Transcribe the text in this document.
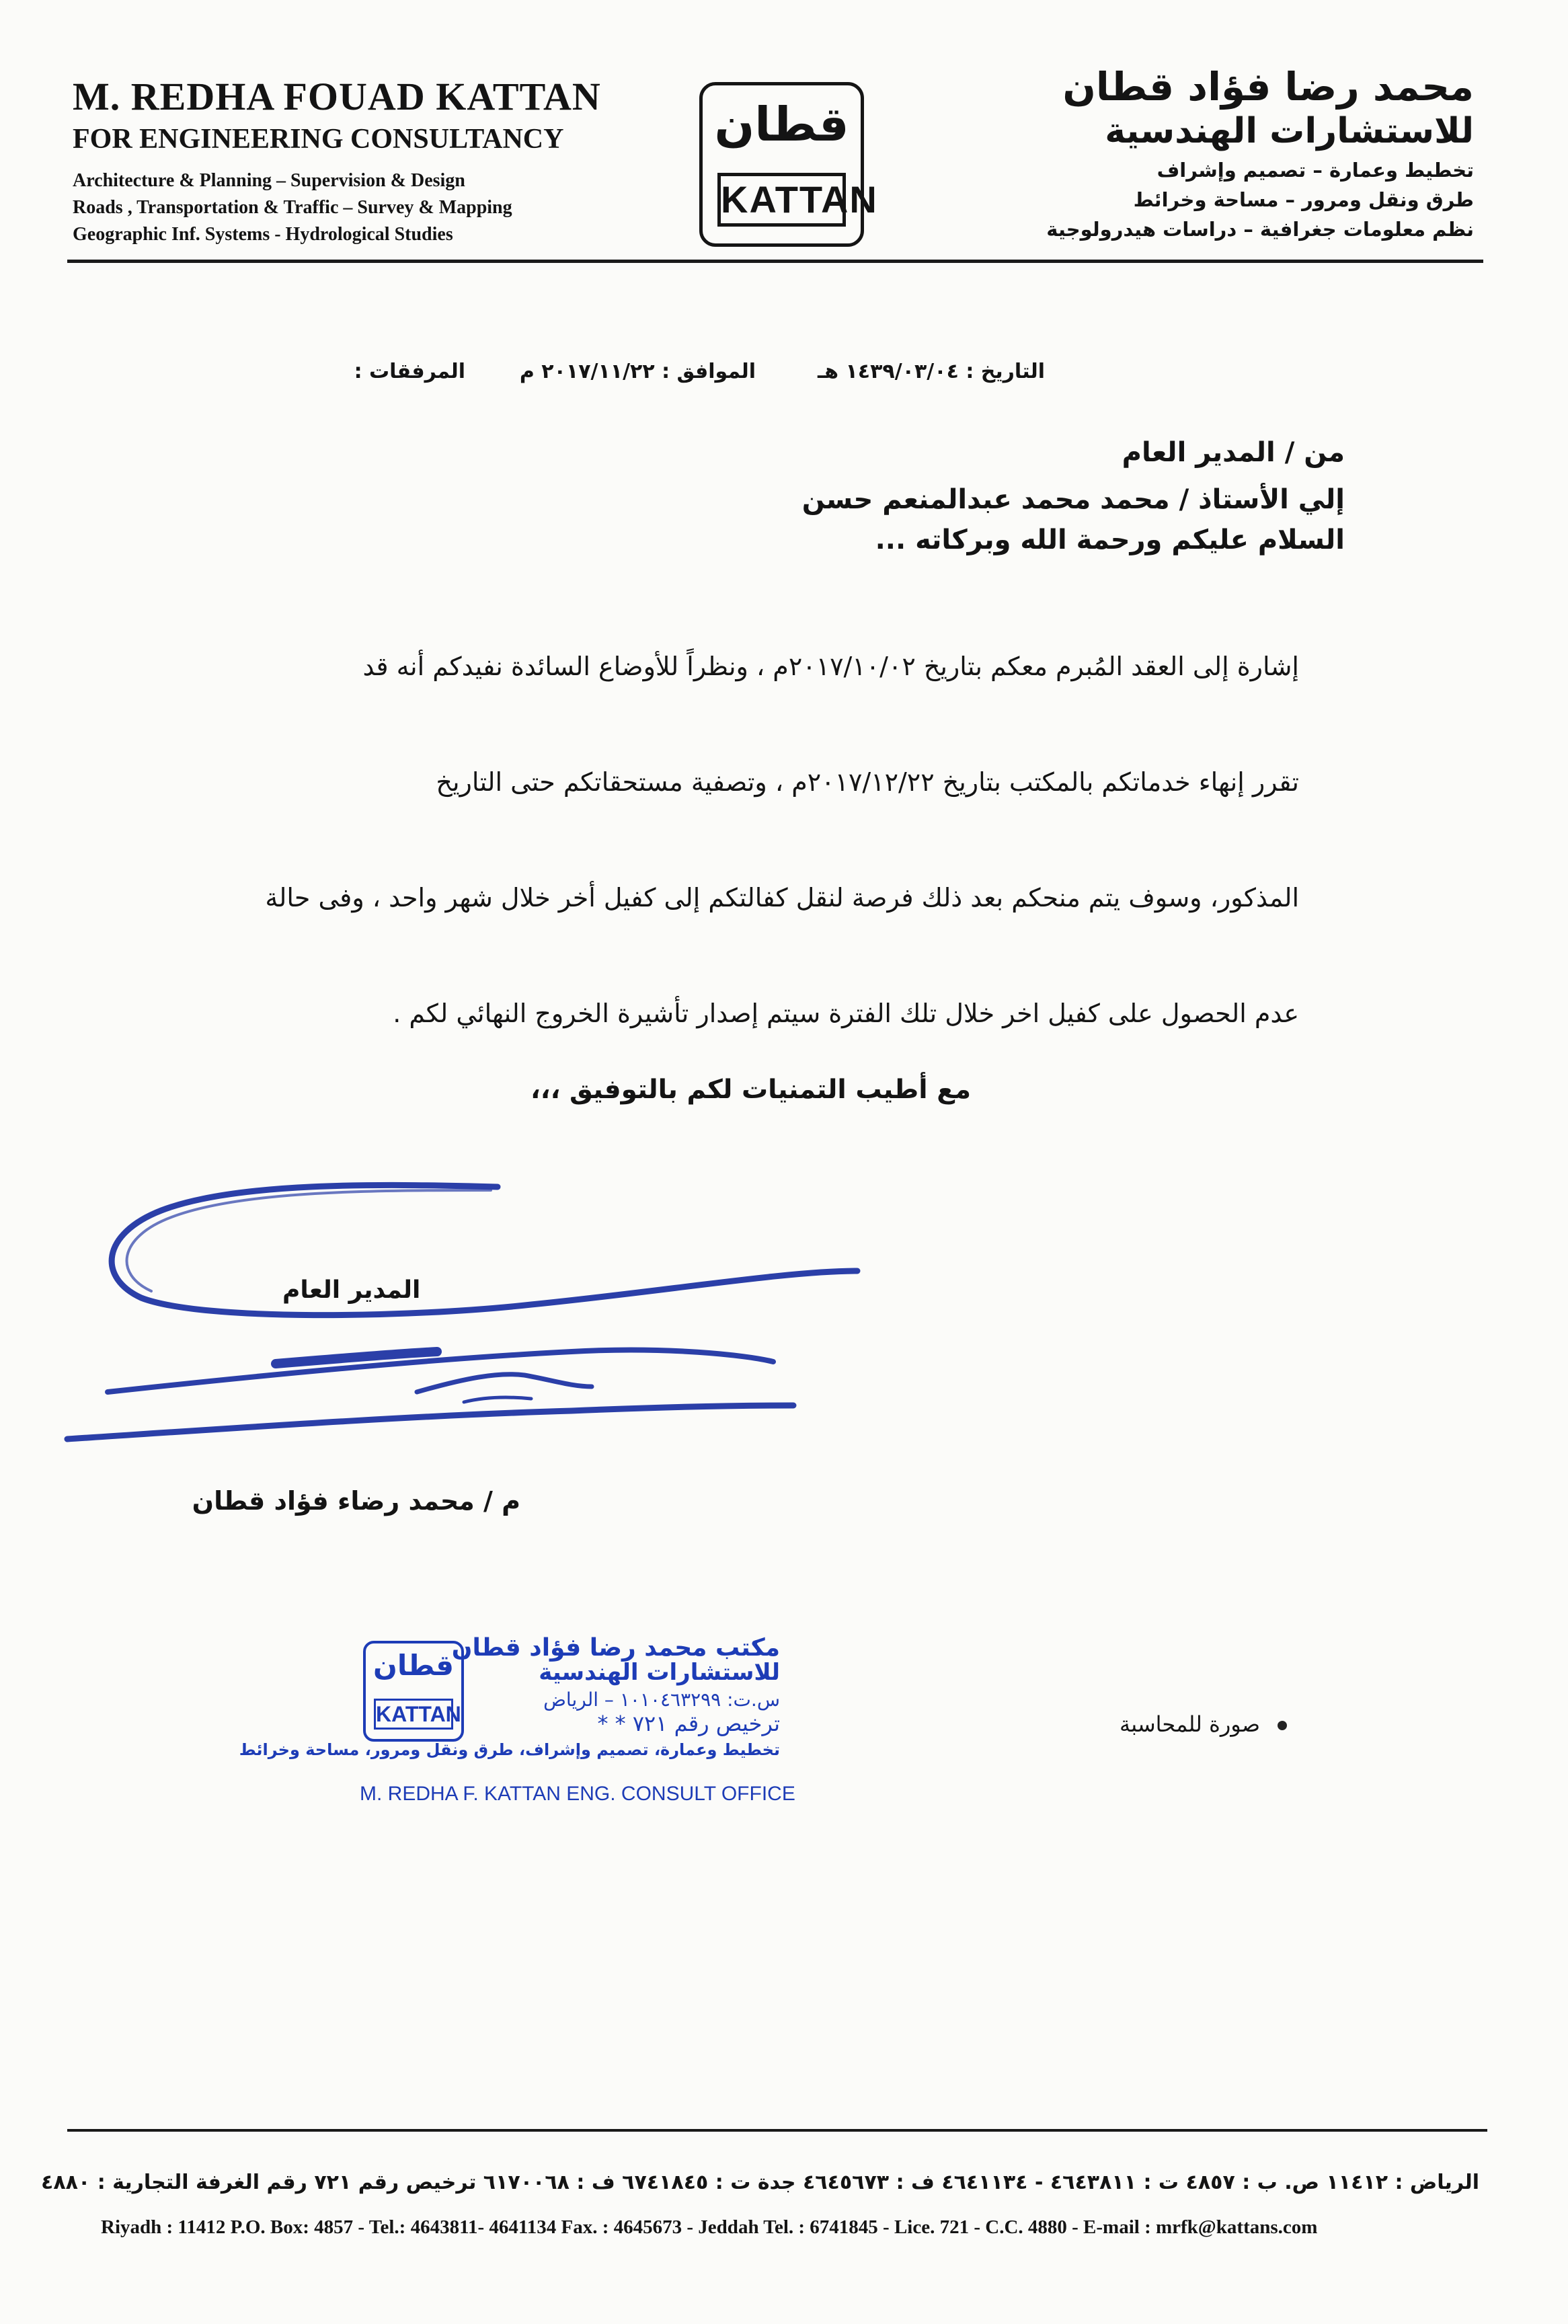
M. REDHA FOUAD KATTAN
FOR ENGINEERING CONSULTANCY
Architecture & Planning – Supervision & Design
Roads , Transportation & Traffic – Survey & Mapping
Geographic Inf. Systems - Hydrological Studies
قطان
KATTAN
محمد رضا فؤاد قطان
للاستشارات الهندسية
تخطيط وعمارة – تصميم وإشراف
طرق ونقل ومرور – مساحة وخرائط
نظم معلومات جغرافية – دراسات هيدرولوجية
التاريخ : ١٤٣٩/٠٣/٠٤ هـ
الموافق : ٢٠١٧/١١/٢٢ م
المرفقات :
من / المدير العام
إلي الأستاذ / محمد محمد عبدالمنعم حسن
السلام عليكم ورحمة الله وبركاته ...
إشارة إلى العقد المُبرم معكم بتاريخ ٢٠١٧/١٠/٠٢م ، ونظراً للأوضاع السائدة نفيدكم أنه قد
تقرر إنهاء خدماتكم بالمكتب بتاريخ ٢٠١٧/١٢/٢٢م ، وتصفية مستحقاتكم حتى التاريخ
المذكور، وسوف يتم منحكم بعد ذلك فرصة لنقل كفالتكم إلى كفيل أخر خلال شهر واحد ، وفى حالة
عدم الحصول على كفيل اخر خلال تلك الفترة سيتم إصدار تأشيرة الخروج النهائي لكم .
مع أطيب التمنيات لكم بالتوفيق ،،،
المدير العام
م / محمد رضاء فؤاد قطان
قطان
KATTAN
مكتب محمد رضا فؤاد قطان
للاستشارات الهندسية
س.ت: ١٠١٠٤٦٣٢٩٩ – الرياض
ترخيص رقم ٧٢١ * *
تخطيط وعمارة، تصميم وإشراف، طرق ونقل ومرور، مساحة وخرائط
M. REDHA F. KATTAN ENG. CONSULT OFFICE
صورة للمحاسبة
الرياض : ١١٤١٢ ص. ب : ٤٨٥٧ ت : ٤٦٤٣٨١١ - ٤٦٤١١٣٤ ف : ٤٦٤٥٦٧٣ جدة ت : ٦٧٤١٨٤٥ ف : ٦١٧٠٠٦٨ ترخيص رقم ٧٢١ رقم الغرفة التجارية : ٤٨٨٠
Riyadh : 11412 P.O. Box: 4857 - Tel.: 4643811- 4641134 Fax. : 4645673 - Jeddah Tel. : 6741845 - Lice. 721 - C.C. 4880 - E-mail : mrfk@kattans.com
